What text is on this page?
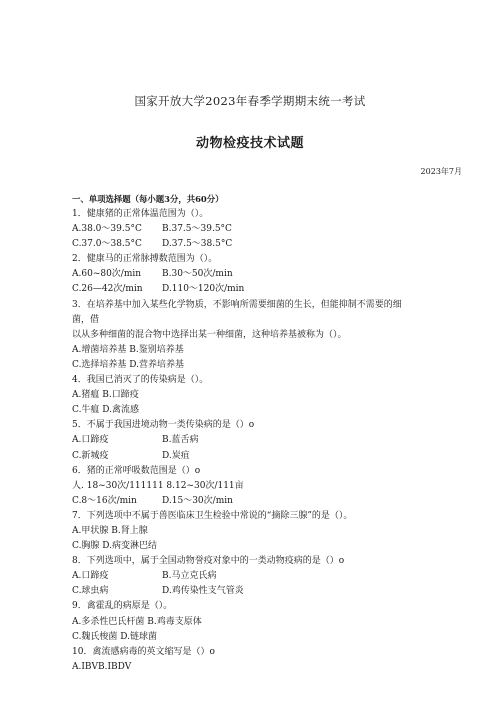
国家开放大学2023年春季学期期末统一考试
动物检疫技术试题
2023年7月
一、单项选择题（每小题3分，共60分）
1．健康猪的正常体温范围为（）。
A.38.0～39.5°C B.37.5～39.5°C
C.37.0～38.5°C D.37.5～38.5°C
2．健康马的正常脉搏数范围为（）。
A.60~80次/min B.30～50次/min
C.26—42次/min D.110～120次/min
3．在培养基中加入某些化学物质，不影响所需要细菌的生长，但能抑制不需要的细
菌，借
以从多种细菌的混合物中选择出某一种细菌，这种培养基被称为（）。
A.增菌培养基 B.鉴别培养基
C.选择培养基 D.营养培养基
4．我国已消灭了的传染病是（）。
A.猪瘟 B.口蹄疫
C.牛瘟 D.禽流感
5．不属于我国进境动物一类传染病的是（）o
A.口蹄疫	B.蓝舌病
C.新城疫	D.炭疽
6．猪的正常呼吸数范围是（）o
人. 18~30次/111111 8.12~30次/111亩
C.8～16次/min	D.15～30次/min
7．下列选项中不属于兽医临床卫生检验中常说的“摘除三腺”的是（）。
A.甲状腺 B.肾上腺
C.胸腺 D.病变淋巴结
8．下列选项中，属于全国动物誉疫对象中的一类动物疫病的是（）o
A.口蹄疫	B.马立克氏病
C.球虫病	D.鸡传染性支气管炎
9．禽霍乱的病原是（）。
A.多杀性巴氏杆菌 B.鸡毒支原体
C.魏氏梭菌 D.链球菌
10．禽流感病毒的英文缩写是（）o
A.IBVB.IBDV
